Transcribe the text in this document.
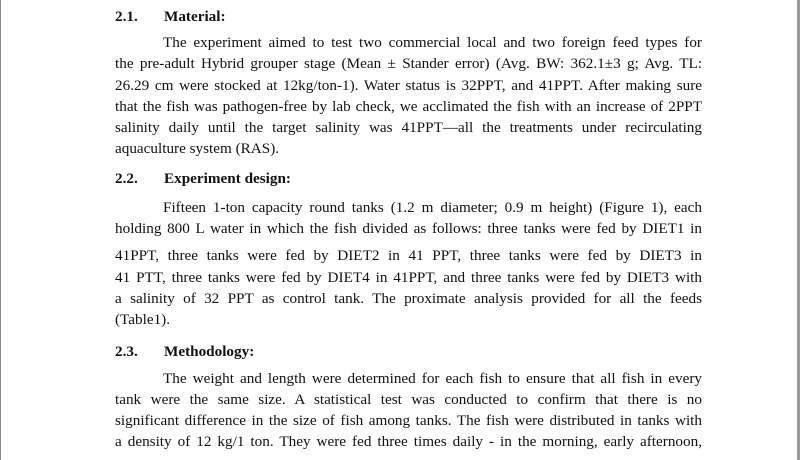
2.1. Material:
The experiment aimed to test two commercial local and two foreign feed types for
the pre-adult Hybrid grouper stage (Mean ± Stander error) (Avg. BW: 362.1±3 g; Avg. TL:
26.29 cm were stocked at 12kg/ton-1). Water status is 32PPT, and 41PPT. After making sure
that the fish was pathogen-free by lab check, we acclimated the fish with an increase of 2PPT
salinity daily until the target salinity was 41PPT—all the treatments under recirculating
aquaculture system (RAS).
2.2. Experiment design:
Fifteen 1-ton capacity round tanks (1.2 m diameter; 0.9 m height) (Figure 1), each
holding 800 L water in which the fish divided as follows: three tanks were fed by DIET1 in
41PPT, three tanks were fed by DIET2 in 41 PPT, three tanks were fed by DIET3 in
41 PTT, three tanks were fed by DIET4 in 41PPT, and three tanks were fed by DIET3 with
a salinity of 32 PPT as control tank. The proximate analysis provided for all the feeds
(Table1).
2.3. Methodology:
The weight and length were determined for each fish to ensure that all fish in every
tank were the same size. A statistical test was conducted to confirm that there is no
significant difference in the size of fish among tanks. The fish were distributed in tanks with
a density of 12 kg/1 ton. They were fed three times daily - in the morning, early afternoon,
